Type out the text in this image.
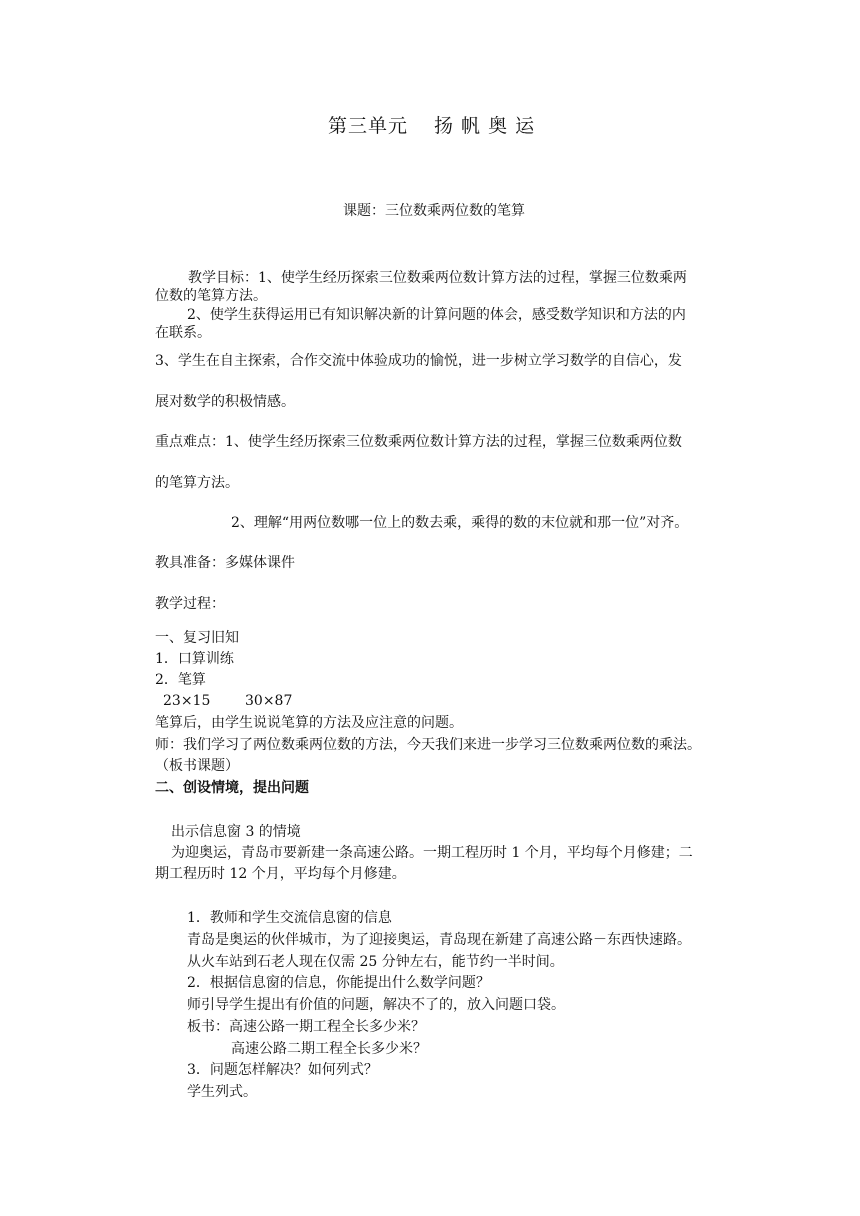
第三单元 扬 帆 奥 运
课题：三位数乘两位数的笔算
教学目标：1、使学生经历探索三位数乘两位数计算方法的过程，掌握三位数乘两
位数的笔算方法。
2、使学生获得运用已有知识解决新的计算问题的体会，感受数学知识和方法的内
在联系。
3、学生在自主探索，合作交流中体验成功的愉悦，进一步树立学习数学的自信心，发
展对数学的积极情感。
重点难点：1、使学生经历探索三位数乘两位数计算方法的过程，掌握三位数乘两位数
的笔算方法。
2、理解“用两位数哪一位上的数去乘，乘得的数的末位就和那一位”对齐。
教具准备：多媒体课件
教学过程：
一、复习旧知
1．口算训练
2．笔算
23×15 30×87
笔算后，由学生说说笔算的方法及应注意的问题。
师：我们学习了两位数乘两位数的方法，今天我们来进一步学习三位数乘两位数的乘法。
（板书课题）
二、创设情境，提出问题
出示信息窗 3 的情境
为迎奥运，青岛市要新建一条高速公路。一期工程历时 1 个月，平均每个月修建；二
期工程历时 12 个月，平均每个月修建。
1．教师和学生交流信息窗的信息
青岛是奥运的伙伴城市，为了迎接奥运，青岛现在新建了高速公路－东西快速路。
从火车站到石老人现在仅需 25 分钟左右，能节约一半时间。
2．根据信息窗的信息，你能提出什么数学问题？
师引导学生提出有价值的问题，解决不了的，放入问题口袋。
板书：高速公路一期工程全长多少米？
高速公路二期工程全长多少米？
3．问题怎样解决？如何列式？
学生列式。
